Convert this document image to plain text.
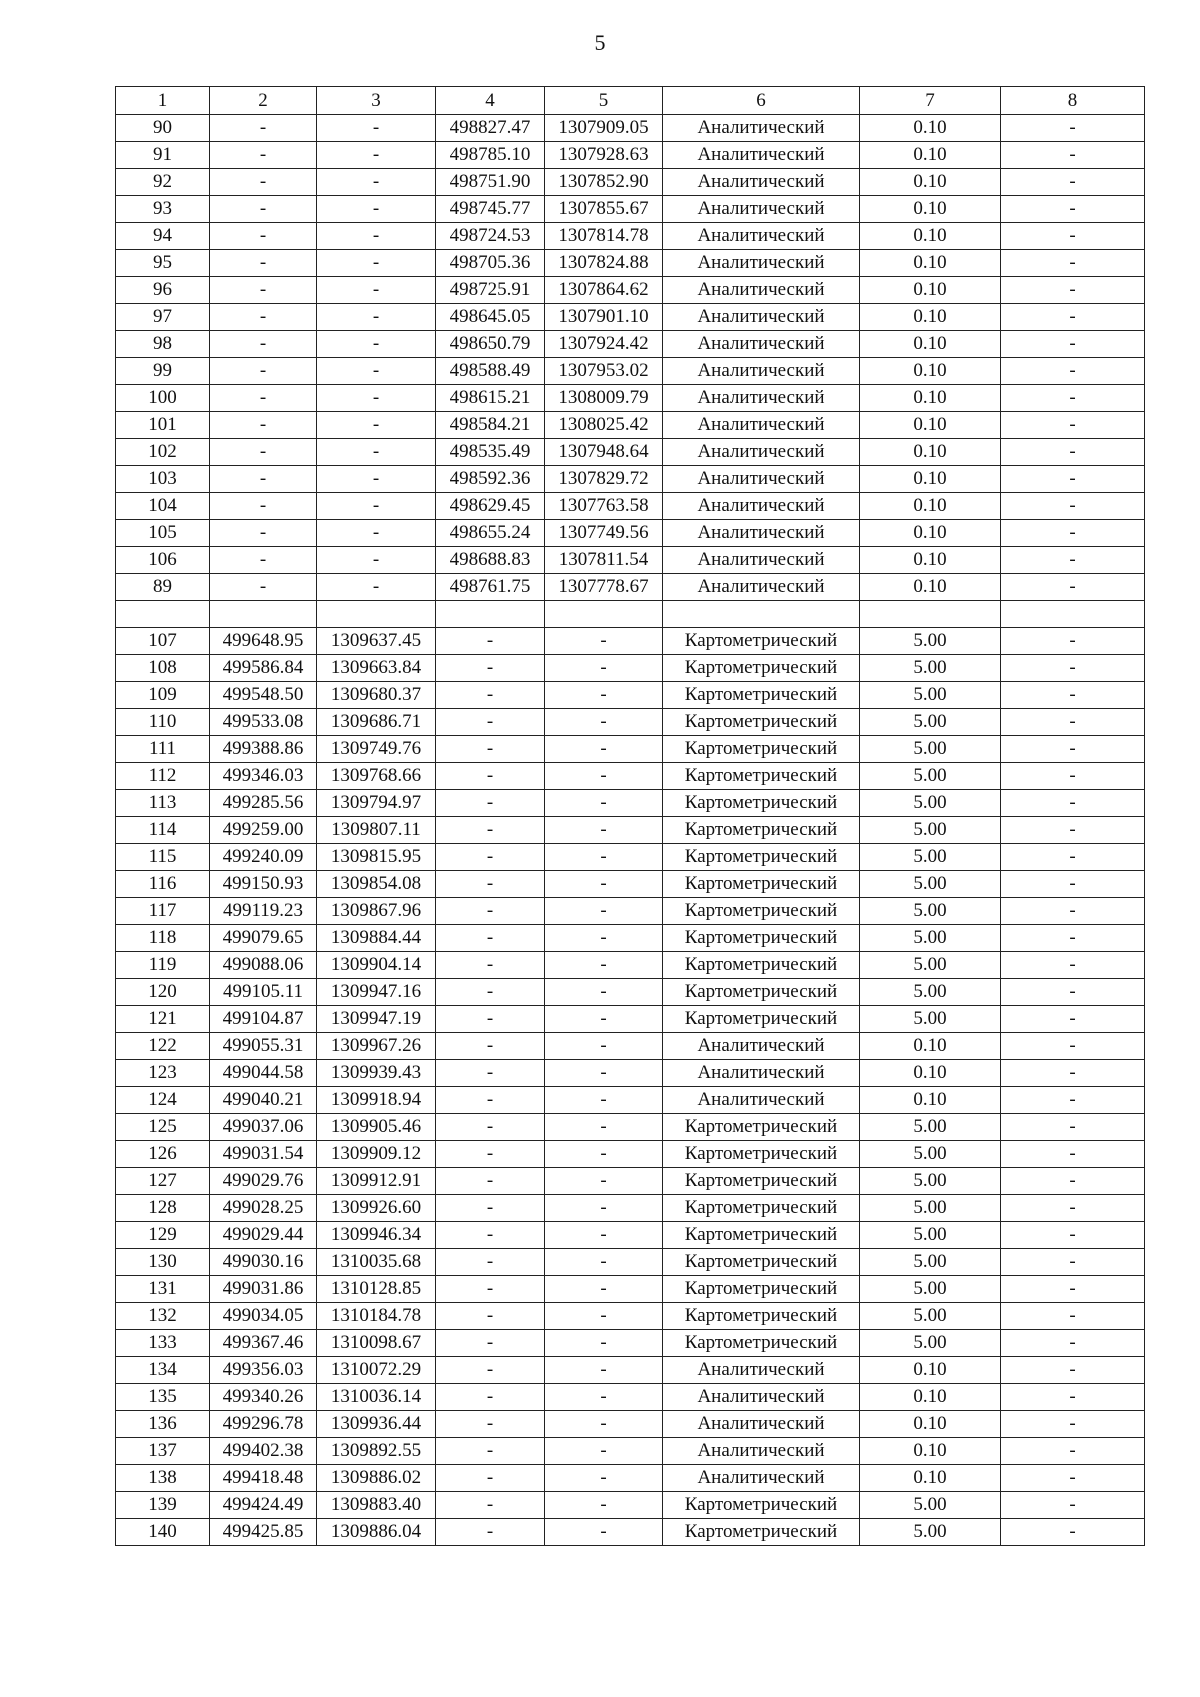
5
1	2	3	4	5	6	7	8
90	-	-	498827.47	1307909.05	Аналитический	0.10	-
91	-	-	498785.10	1307928.63	Аналитический	0.10	-
92	-	-	498751.90	1307852.90	Аналитический	0.10	-
93	-	-	498745.77	1307855.67	Аналитический	0.10	-
94	-	-	498724.53	1307814.78	Аналитический	0.10	-
95	-	-	498705.36	1307824.88	Аналитический	0.10	-
96	-	-	498725.91	1307864.62	Аналитический	0.10	-
97	-	-	498645.05	1307901.10	Аналитический	0.10	-
98	-	-	498650.79	1307924.42	Аналитический	0.10	-
99	-	-	498588.49	1307953.02	Аналитический	0.10	-
100	-	-	498615.21	1308009.79	Аналитический	0.10	-
101	-	-	498584.21	1308025.42	Аналитический	0.10	-
102	-	-	498535.49	1307948.64	Аналитический	0.10	-
103	-	-	498592.36	1307829.72	Аналитический	0.10	-
104	-	-	498629.45	1307763.58	Аналитический	0.10	-
105	-	-	498655.24	1307749.56	Аналитический	0.10	-
106	-	-	498688.83	1307811.54	Аналитический	0.10	-
89	-	-	498761.75	1307778.67	Аналитический	0.10	-

107	499648.95	1309637.45	-	-	Картометрический	5.00	-
108	499586.84	1309663.84	-	-	Картометрический	5.00	-
109	499548.50	1309680.37	-	-	Картометрический	5.00	-
110	499533.08	1309686.71	-	-	Картометрический	5.00	-
111	499388.86	1309749.76	-	-	Картометрический	5.00	-
112	499346.03	1309768.66	-	-	Картометрический	5.00	-
113	499285.56	1309794.97	-	-	Картометрический	5.00	-
114	499259.00	1309807.11	-	-	Картометрический	5.00	-
115	499240.09	1309815.95	-	-	Картометрический	5.00	-
116	499150.93	1309854.08	-	-	Картометрический	5.00	-
117	499119.23	1309867.96	-	-	Картометрический	5.00	-
118	499079.65	1309884.44	-	-	Картометрический	5.00	-
119	499088.06	1309904.14	-	-	Картометрический	5.00	-
120	499105.11	1309947.16	-	-	Картометрический	5.00	-
121	499104.87	1309947.19	-	-	Картометрический	5.00	-
122	499055.31	1309967.26	-	-	Аналитический	0.10	-
123	499044.58	1309939.43	-	-	Аналитический	0.10	-
124	499040.21	1309918.94	-	-	Аналитический	0.10	-
125	499037.06	1309905.46	-	-	Картометрический	5.00	-
126	499031.54	1309909.12	-	-	Картометрический	5.00	-
127	499029.76	1309912.91	-	-	Картометрический	5.00	-
128	499028.25	1309926.60	-	-	Картометрический	5.00	-
129	499029.44	1309946.34	-	-	Картометрический	5.00	-
130	499030.16	1310035.68	-	-	Картометрический	5.00	-
131	499031.86	1310128.85	-	-	Картометрический	5.00	-
132	499034.05	1310184.78	-	-	Картометрический	5.00	-
133	499367.46	1310098.67	-	-	Картометрический	5.00	-
134	499356.03	1310072.29	-	-	Аналитический	0.10	-
135	499340.26	1310036.14	-	-	Аналитический	0.10	-
136	499296.78	1309936.44	-	-	Аналитический	0.10	-
137	499402.38	1309892.55	-	-	Аналитический	0.10	-
138	499418.48	1309886.02	-	-	Аналитический	0.10	-
139	499424.49	1309883.40	-	-	Картометрический	5.00	-
140	499425.85	1309886.04	-	-	Картометрический	5.00	-
